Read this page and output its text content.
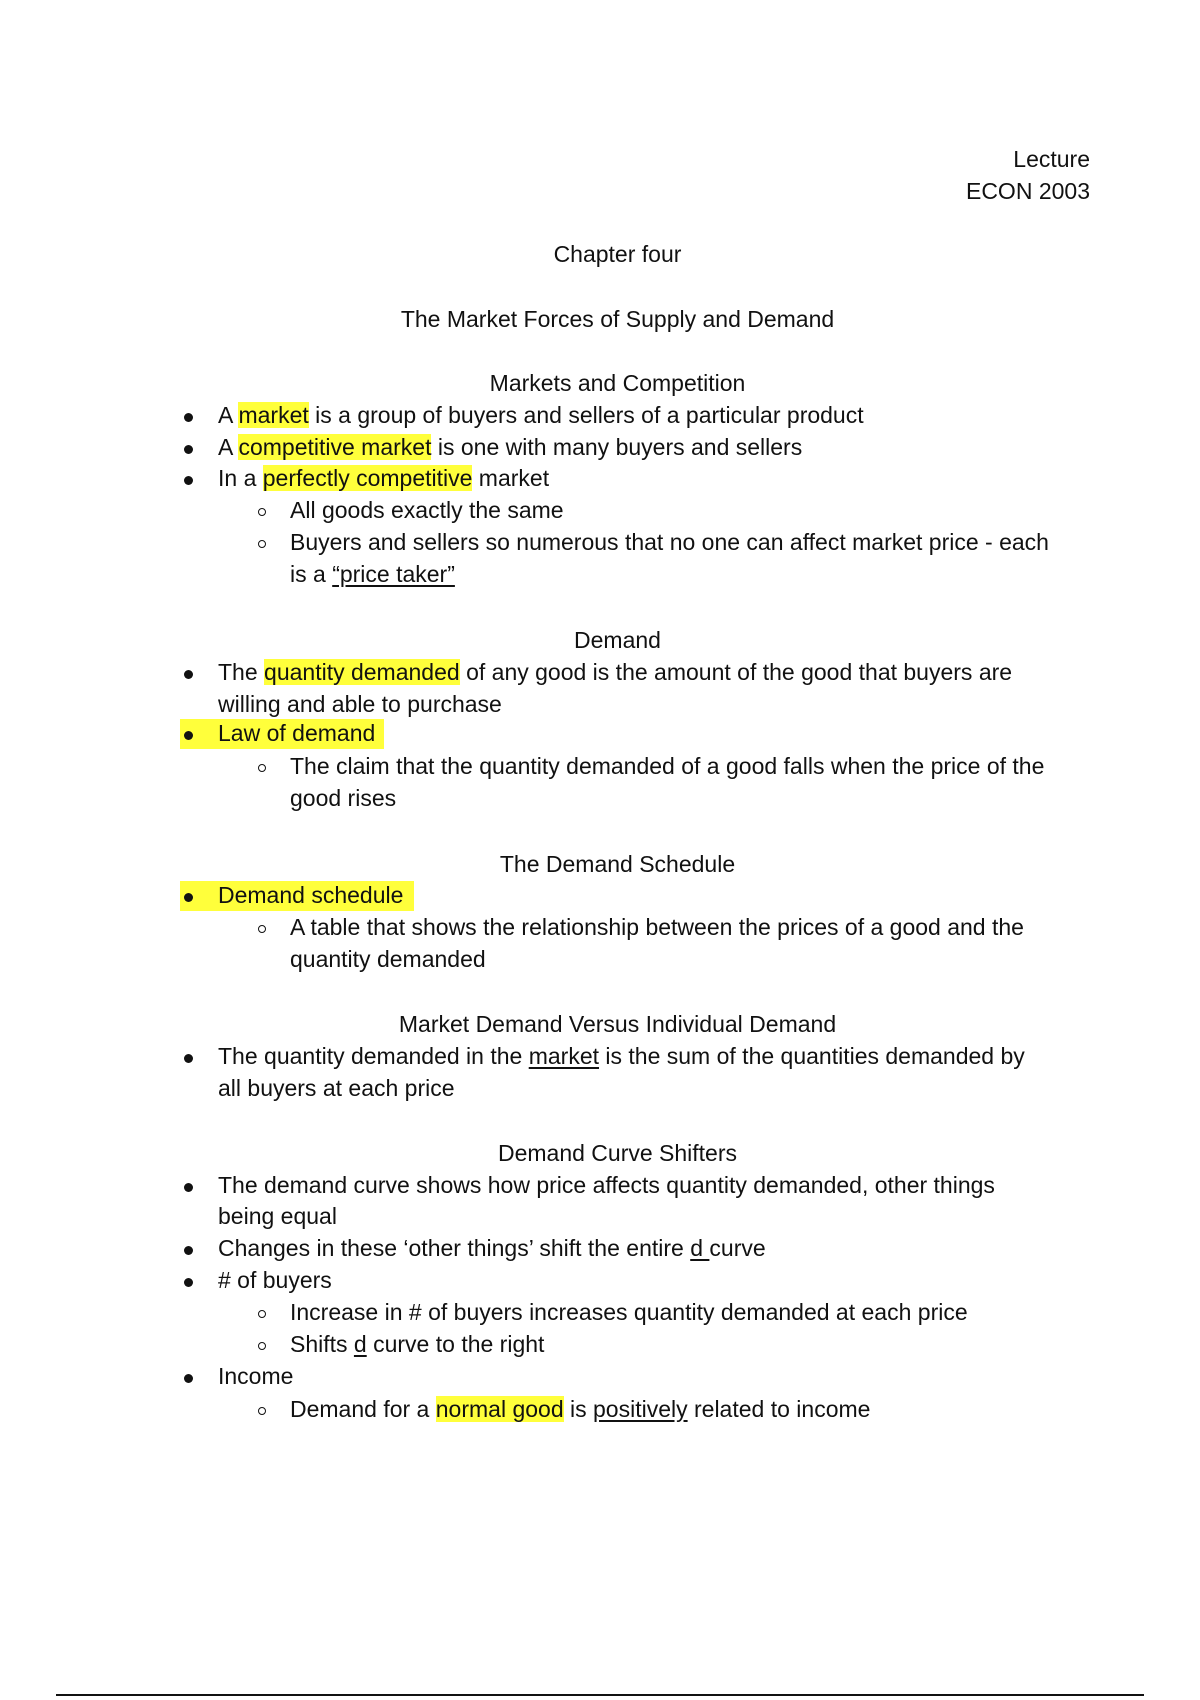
Lecture
ECON 2003
Chapter four
The Market Forces of Supply and Demand
Markets and Competition
A market is a group of buyers and sellers of a particular product
A competitive market is one with many buyers and sellers
In a perfectly competitive market
All goods exactly the same
Buyers and sellers so numerous that no one can affect market price - each
is a “price taker”
Demand
The quantity demanded of any good is the amount of the good that buyers are
willing and able to purchase
Law of demand
The claim that the quantity demanded of a good falls when the price of the
good rises
The Demand Schedule
Demand schedule
A table that shows the relationship between the prices of a good and the
quantity demanded
Market Demand Versus Individual Demand
The quantity demanded in the market is the sum of the quantities demanded by
all buyers at each price
Demand Curve Shifters
The demand curve shows how price affects quantity demanded, other things
being equal
Changes in these ‘other things’ shift the entire d curve
# of buyers
Increase in # of buyers increases quantity demanded at each price
Shifts d curve to the right
Income
Demand for a normal good is positively related to income
